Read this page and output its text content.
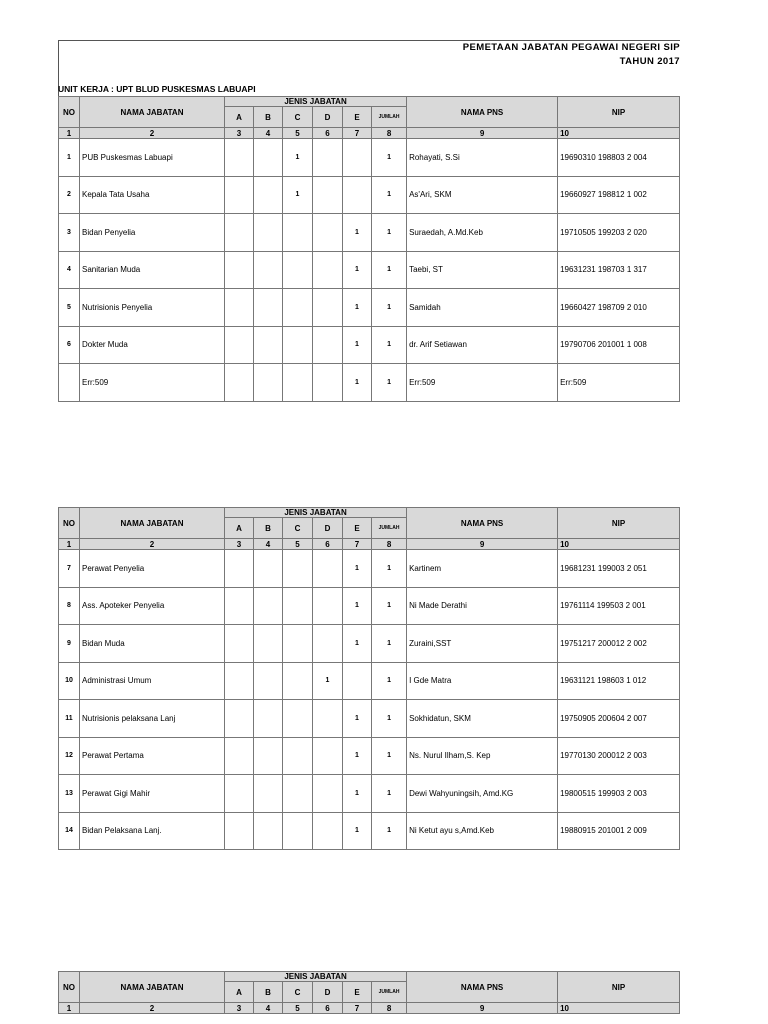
PEMETAAN JABATAN PEGAWAI NEGERI SIP
TAHUN 2017
UNIT KERJA : UPT BLUD PUSKESMAS LABUAPI
NO	NAMA JABATAN	JENIS JABATAN						NAMA PNS	NIP
		A	B	C	D	E	JUMLAH		
1	2	3	4	5	6	7	8	9	10
1	PUB Puskesmas Labuapi			1			1	Rohayati, S.Si	19690310 198803 2 004
2	Kepala Tata Usaha			1			1	As'Ari, SKM	19660927 198812 1 002
3	Bidan Penyelia					1	1	Suraedah, A.Md.Keb	19710505 199203 2 020
4	Sanitarian Muda					1	1	Taebi, ST	19631231 198703 1 317
5	Nutrisionis Penyelia					1	1	Samidah	19660427 198709 2 010
6	Dokter Muda					1	1	dr. Arif Setiawan	19790706 201001 1 008
	Err:509					1	1	Err:509	Err:509
NO	NAMA JABATAN	JENIS JABATAN						NAMA PNS	NIP
		A	B	C	D	E	JUMLAH		
1	2	3	4	5	6	7	8	9	10
7	Perawat Penyelia					1	1	Kartinem	19681231 199003 2 051
8	Ass. Apoteker Penyelia					1	1	Ni Made Derathi	19761114 199503 2 001
9	Bidan Muda					1	1	Zuraini,SST	19751217 200012 2 002
10	Administrasi Umum				1		1	I Gde Matra	19631121 198603 1 012
11	Nutrisionis pelaksana Lanj					1	1	Sokhidatun, SKM	19750905 200604 2 007
12	Perawat Pertama					1	1	Ns. Nurul Ilham,S. Kep	19770130 200012 2 003
13	Perawat Gigi Mahir					1	1	Dewi Wahyuningsih, Amd.KG	19800515 199903 2 003
14	Bidan Pelaksana Lanj.					1	1	Ni Ketut ayu s,Amd.Keb	19880915 201001 2 009
NO	NAMA JABATAN	JENIS JABATAN						NAMA PNS	NIP
		A	B	C	D	E	JUMLAH		
1	2	3	4	5	6	7	8	9	10
